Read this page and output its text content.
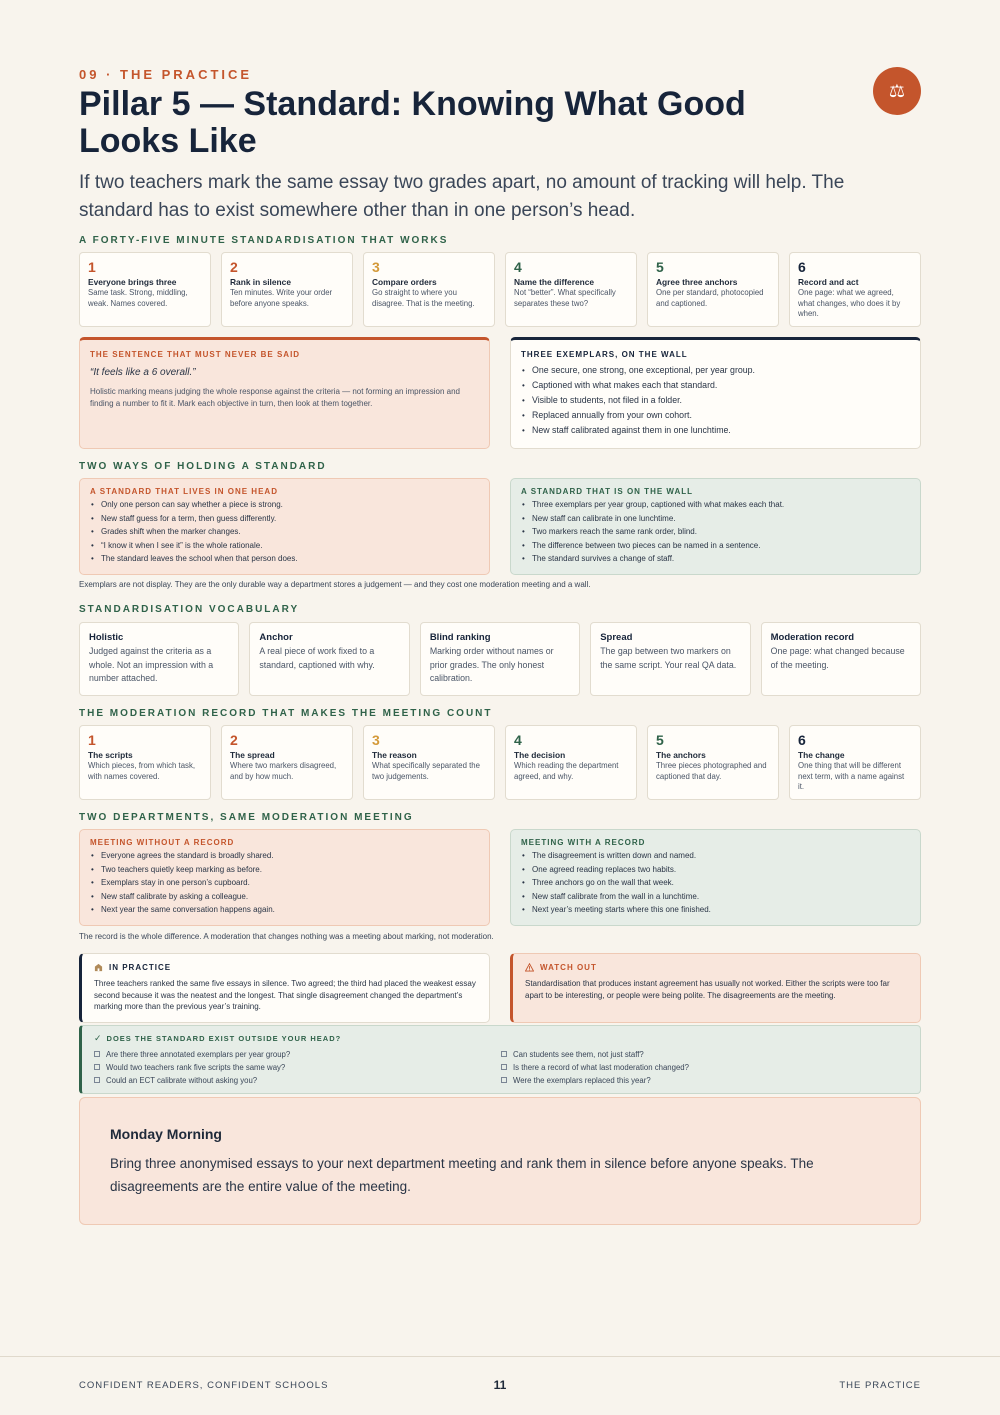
09 · THE PRACTICE
Pillar 5 — Standard: Knowing What Good Looks Like
⚖
If two teachers mark the same essay two grades apart, no amount of tracking will help. The standard has to exist somewhere other than in one person’s head.
A FORTY-FIVE MINUTE STANDARDISATION THAT WORKS
1
Everyone brings three
Same task. Strong, middling, weak. Names covered.
2
Rank in silence
Ten minutes. Write your order before anyone speaks.
3
Compare orders
Go straight to where you disagree. That is the meeting.
4
Name the difference
Not “better”. What specifically separates these two?
5
Agree three anchors
One per standard, photocopied and captioned.
6
Record and act
One page: what we agreed, what changes, who does it by when.
THE SENTENCE THAT MUST NEVER BE SAID
“It feels like a 6 overall.”
Holistic marking means judging the whole response against the criteria — not forming an impression and finding a number to fit it. Mark each objective in turn, then look at them together.
THREE EXEMPLARS, ON THE WALL
• One secure, one strong, one exceptional, per year group.
• Captioned with what makes each that standard.
• Visible to students, not filed in a folder.
• Replaced annually from your own cohort.
• New staff calibrated against them in one lunchtime.
TWO WAYS OF HOLDING A STANDARD
A STANDARD THAT LIVES IN ONE HEAD
• Only one person can say whether a piece is strong.
• New staff guess for a term, then guess differently.
• Grades shift when the marker changes.
• “I know it when I see it” is the whole rationale.
• The standard leaves the school when that person does.
A STANDARD THAT IS ON THE WALL
• Three exemplars per year group, captioned with what makes each that.
• New staff can calibrate in one lunchtime.
• Two markers reach the same rank order, blind.
• The difference between two pieces can be named in a sentence.
• The standard survives a change of staff.
Exemplars are not display. They are the only durable way a department stores a judgement — and they cost one moderation meeting and a wall.
STANDARDISATION VOCABULARY
Holistic
Judged against the criteria as a whole. Not an impression with a number attached.
Anchor
A real piece of work fixed to a standard, captioned with why.
Blind ranking
Marking order without names or prior grades. The only honest calibration.
Spread
The gap between two markers on the same script. Your real QA data.
Moderation record
One page: what changed because of the meeting.
THE MODERATION RECORD THAT MAKES THE MEETING COUNT
1
The scripts
Which pieces, from which task, with names covered.
2
The spread
Where two markers disagreed, and by how much.
3
The reason
What specifically separated the two judgements.
4
The decision
Which reading the department agreed, and why.
5
The anchors
Three pieces photographed and captioned that day.
6
The change
One thing that will be different next term, with a name against it.
TWO DEPARTMENTS, SAME MODERATION MEETING
MEETING WITHOUT A RECORD
• Everyone agrees the standard is broadly shared.
• Two teachers quietly keep marking as before.
• Exemplars stay in one person’s cupboard.
• New staff calibrate by asking a colleague.
• Next year the same conversation happens again.
MEETING WITH A RECORD
• The disagreement is written down and named.
• One agreed reading replaces two habits.
• Three anchors go on the wall that week.
• New staff calibrate from the wall in a lunchtime.
• Next year’s meeting starts where this one finished.
The record is the whole difference. A moderation that changes nothing was a meeting about marking, not moderation.
IN PRACTICE
Three teachers ranked the same five essays in silence. Two agreed; the third had placed the weakest essay second because it was the neatest and the longest. That single disagreement changed the department’s marking more than the previous year’s training.
WATCH OUT
Standardisation that produces instant agreement has usually not worked. Either the scripts were too far apart to be interesting, or people were being polite. The disagreements are the meeting.
✓ DOES THE STANDARD EXIST OUTSIDE YOUR HEAD?
Are there three annotated exemplars per year group?
Would two teachers rank five scripts the same way?
Could an ECT calibrate without asking you?
Can students see them, not just staff?
Is there a record of what last moderation changed?
Were the exemplars replaced this year?
Monday Morning
Bring three anonymised essays to your next department meeting and rank them in silence before anyone speaks. The disagreements are the entire value of the meeting.
CONFIDENT READERS, CONFIDENT SCHOOLS	11	THE PRACTICE
